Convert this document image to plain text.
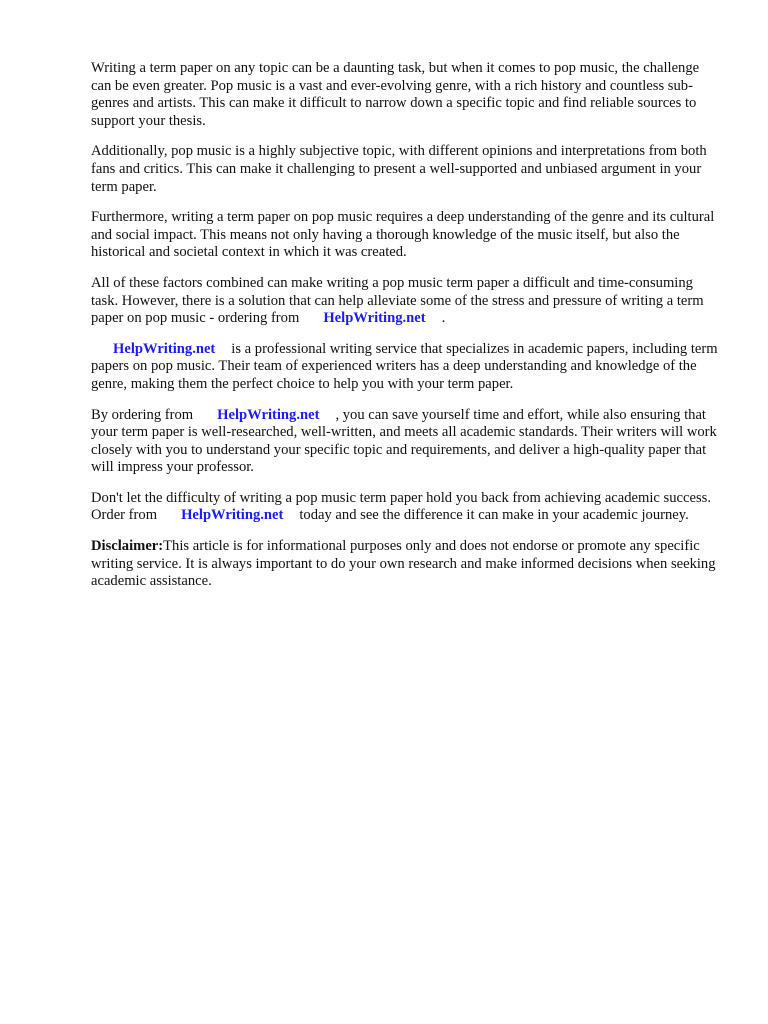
Writing a term paper on any topic can be a daunting task, but when it comes to pop music, the challenge can be even greater. Pop music is a vast and ever-evolving genre, with a rich history and countless sub-genres and artists. This can make it difficult to narrow down a specific topic and find reliable sources to support your thesis.

Additionally, pop music is a highly subjective topic, with different opinions and interpretations from both fans and critics. This can make it challenging to present a well-supported and unbiased argument in your term paper.

Furthermore, writing a term paper on pop music requires a deep understanding of the genre and its cultural and social impact. This means not only having a thorough knowledge of the music itself, but also the historical and societal context in which it was created.

All of these factors combined can make writing a pop music term paper a difficult and time-consuming task. However, there is a solution that can help alleviate some of the stress and pressure of writing a term paper on pop music - ordering from HelpWriting.net .

HelpWriting.net is a professional writing service that specializes in academic papers, including term papers on pop music. Their team of experienced writers has a deep understanding and knowledge of the genre, making them the perfect choice to help you with your term paper.

By ordering from HelpWriting.net , you can save yourself time and effort, while also ensuring that your term paper is well-researched, well-written, and meets all academic standards. Their writers will work closely with you to understand your specific topic and requirements, and deliver a high-quality paper that will impress your professor.

Don't let the difficulty of writing a pop music term paper hold you back from achieving academic success. Order from HelpWriting.net today and see the difference it can make in your academic journey.

Disclaimer:This article is for informational purposes only and does not endorse or promote any specific writing service. It is always important to do your own research and make informed decisions when seeking academic assistance.
